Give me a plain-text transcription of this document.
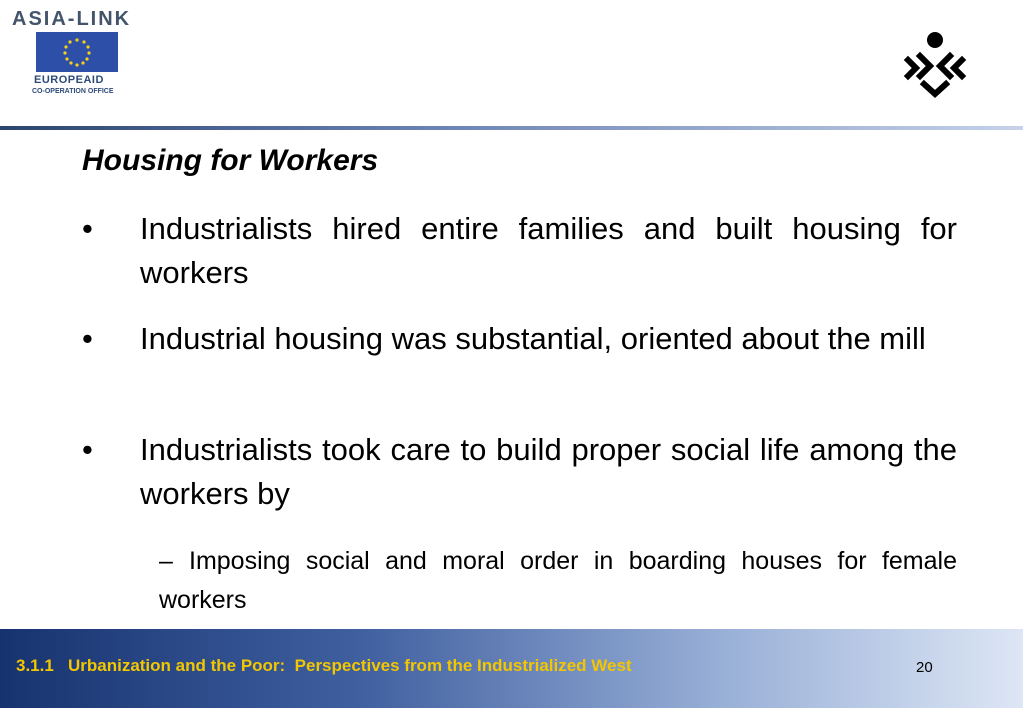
ASIA-LINK
EUROPEAID
CO-OPERATION OFFICE
Housing for Workers
•	Industrialists hired entire families and built housing for workers
•	Industrial housing was substantial, oriented about the mill
•	Industrialists took care to build proper social life among the workers by
– Imposing social and moral order in boarding houses for female workers
3.1.1   Urbanization and the Poor:  Perspectives from the Industrialized West	20
